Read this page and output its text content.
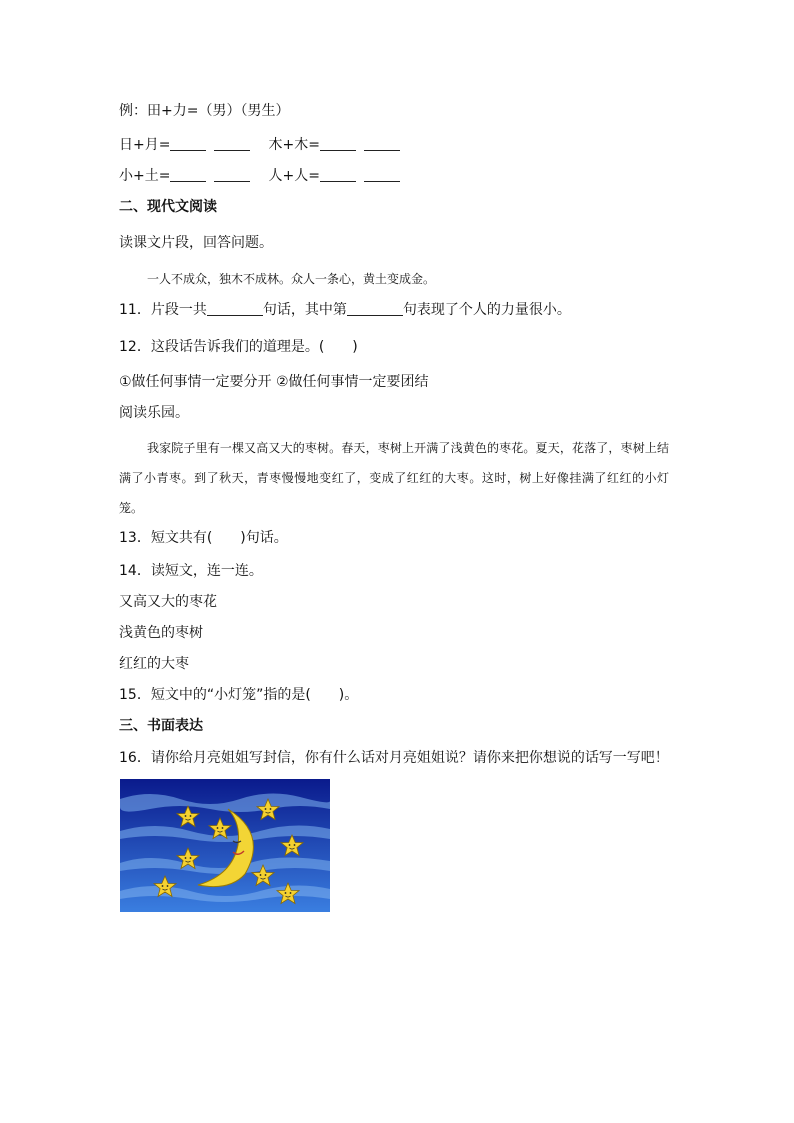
例：田+力=（男）（男生）
日+月=	木+木=
小+土=	人+人=
二、现代文阅读
读课文片段，回答问题。
一人不成众，独木不成林。众人一条心，黄土变成金。
11．片段一共	句话，其中第	句表现了个人的力量很小。
12．这段话告诉我们的道理是。(　　)
①做任何事情一定要分开 ②做任何事情一定要团结
阅读乐园。
我家院子里有一棵又高又大的枣树。春天，枣树上开满了浅黄色的枣花。夏天，花落了，枣树上结满了小青枣。到了秋天，青枣慢慢地变红了，变成了红红的大枣。这时，树上好像挂满了红红的小灯笼。
13．短文共有(　　)句话。
14．读短文，连一连。
又高又大的枣花
浅黄色的枣树
红红的大枣
15．短文中的“小灯笼”指的是(　　)。
三、书面表达
16．请你给月亮姐姐写封信，你有什么话对月亮姐姐说？请你来把你想说的话写一写吧！
